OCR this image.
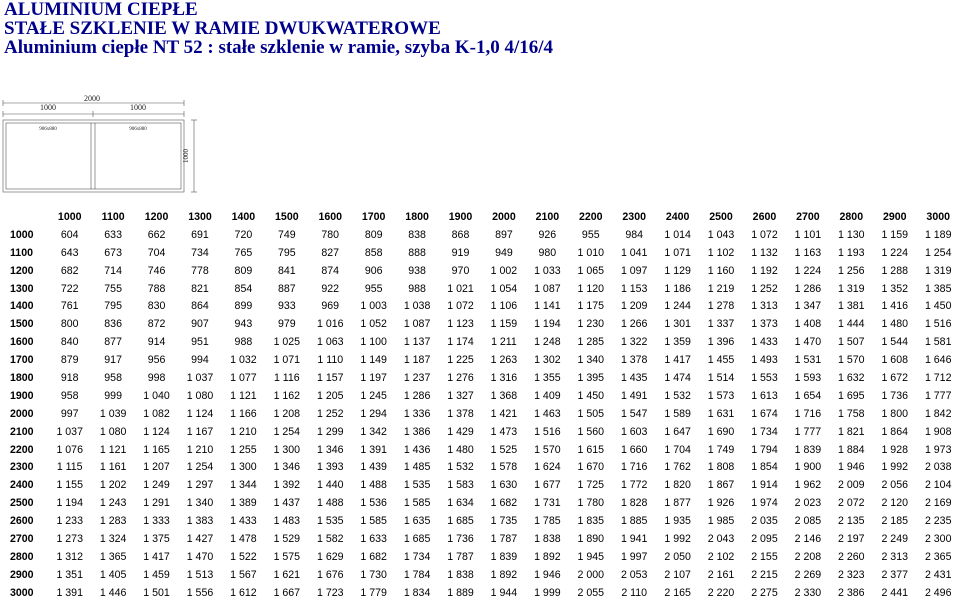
ALUMINIUM CIEPŁE
STAŁE SZKLENIE W RAMIE DWUKWATEROWE
Aluminium ciepłe NT 52 : stałe szklenie w ramie, szyba K-1,0 4/16/4
2000
1000	1000
906x880	906x880
1000
	1000	1100	1200	1300	1400	1500	1600	1700	1800	1900	2000	2100	2200	2300	2400	2500	2600	2700	2800	2900	3000
1000	604	633	662	691	720	749	780	809	838	868	897	926	955	984	1 014	1 043	1 072	1 101	1 130	1 159	1 189
1100	643	673	704	734	765	795	827	858	888	919	949	980	1 010	1 041	1 071	1 102	1 132	1 163	1 193	1 224	1 254
1200	682	714	746	778	809	841	874	906	938	970	1 002	1 033	1 065	1 097	1 129	1 160	1 192	1 224	1 256	1 288	1 319
1300	722	755	788	821	854	887	922	955	988	1 021	1 054	1 087	1 120	1 153	1 186	1 219	1 252	1 286	1 319	1 352	1 385
1400	761	795	830	864	899	933	969	1 003	1 038	1 072	1 106	1 141	1 175	1 209	1 244	1 278	1 313	1 347	1 381	1 416	1 450
1500	800	836	872	907	943	979	1 016	1 052	1 087	1 123	1 159	1 194	1 230	1 266	1 301	1 337	1 373	1 408	1 444	1 480	1 516
1600	840	877	914	951	988	1 025	1 063	1 100	1 137	1 174	1 211	1 248	1 285	1 322	1 359	1 396	1 433	1 470	1 507	1 544	1 581
1700	879	917	956	994	1 032	1 071	1 110	1 149	1 187	1 225	1 263	1 302	1 340	1 378	1 417	1 455	1 493	1 531	1 570	1 608	1 646
1800	918	958	998	1 037	1 077	1 116	1 157	1 197	1 237	1 276	1 316	1 355	1 395	1 435	1 474	1 514	1 553	1 593	1 632	1 672	1 712
1900	958	999	1 040	1 080	1 121	1 162	1 205	1 245	1 286	1 327	1 368	1 409	1 450	1 491	1 532	1 573	1 613	1 654	1 695	1 736	1 777
2000	997	1 039	1 082	1 124	1 166	1 208	1 252	1 294	1 336	1 378	1 421	1 463	1 505	1 547	1 589	1 631	1 674	1 716	1 758	1 800	1 842
2100	1 037	1 080	1 124	1 167	1 210	1 254	1 299	1 342	1 386	1 429	1 473	1 516	1 560	1 603	1 647	1 690	1 734	1 777	1 821	1 864	1 908
2200	1 076	1 121	1 165	1 210	1 255	1 300	1 346	1 391	1 436	1 480	1 525	1 570	1 615	1 660	1 704	1 749	1 794	1 839	1 884	1 928	1 973
2300	1 115	1 161	1 207	1 254	1 300	1 346	1 393	1 439	1 485	1 532	1 578	1 624	1 670	1 716	1 762	1 808	1 854	1 900	1 946	1 992	2 038
2400	1 155	1 202	1 249	1 297	1 344	1 392	1 440	1 488	1 535	1 583	1 630	1 677	1 725	1 772	1 820	1 867	1 914	1 962	2 009	2 056	2 104
2500	1 194	1 243	1 291	1 340	1 389	1 437	1 488	1 536	1 585	1 634	1 682	1 731	1 780	1 828	1 877	1 926	1 974	2 023	2 072	2 120	2 169
2600	1 233	1 283	1 333	1 383	1 433	1 483	1 535	1 585	1 635	1 685	1 735	1 785	1 835	1 885	1 935	1 985	2 035	2 085	2 135	2 185	2 235
2700	1 273	1 324	1 375	1 427	1 478	1 529	1 582	1 633	1 685	1 736	1 787	1 838	1 890	1 941	1 992	2 043	2 095	2 146	2 197	2 249	2 300
2800	1 312	1 365	1 417	1 470	1 522	1 575	1 629	1 682	1 734	1 787	1 839	1 892	1 945	1 997	2 050	2 102	2 155	2 208	2 260	2 313	2 365
2900	1 351	1 405	1 459	1 513	1 567	1 621	1 676	1 730	1 784	1 838	1 892	1 946	2 000	2 053	2 107	2 161	2 215	2 269	2 323	2 377	2 431
3000	1 391	1 446	1 501	1 556	1 612	1 667	1 723	1 779	1 834	1 889	1 944	1 999	2 055	2 110	2 165	2 220	2 275	2 330	2 386	2 441	2 496
